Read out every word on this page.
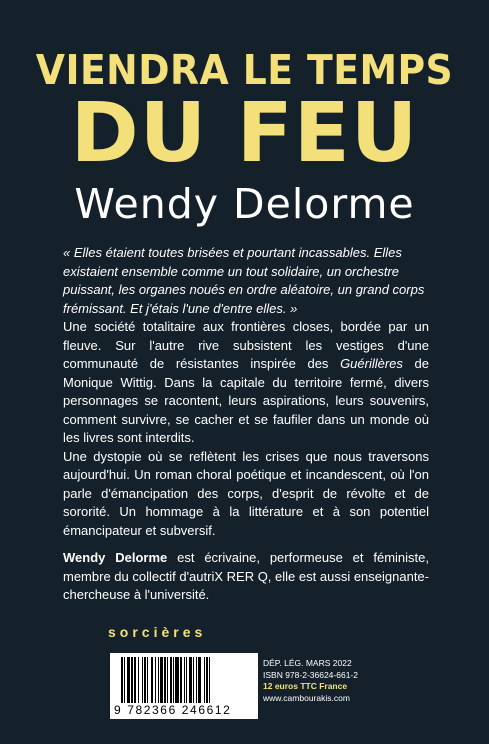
VIENDRA LE TEMPS
DU FEU
Wendy Delorme

« Elles étaient toutes brisées et pourtant incassables. Elles existaient ensemble comme un tout solidaire, un orchestre puissant, les organes noués en ordre aléatoire, un grand corps frémissant. Et j'étais l'une d'entre elles. »

Une société totalitaire aux frontières closes, bordée par un fleuve. Sur l'autre rive subsistent les vestiges d'une communauté de résistantes inspirée des Guérillères de Monique Wittig. Dans la capitale du territoire fermé, divers personnages se racontent, leurs aspirations, leurs souvenirs, comment survivre, se cacher et se faufiler dans un monde où les livres sont interdits.

Une dystopie où se reflètent les crises que nous traversons aujourd'hui. Un roman choral poétique et incandescent, où l'on parle d'émancipation des corps, d'esprit de révolte et de sororité. Un hommage à la littérature et à son potentiel émancipateur et subversif.

Wendy Delorme est écrivaine, performeuse et féministe, membre du collectif d'autriX RER Q, elle est aussi enseignante-chercheuse à l'université.

sorcières
9 782366 246612
DÉP. LÉG. MARS 2022
ISBN 978-2-36624-661-2
12 euros TTC France
www.cambourakis.com
